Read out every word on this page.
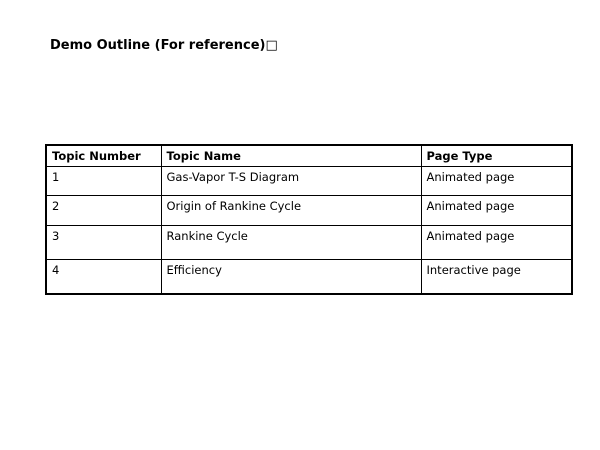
Demo Outline (For reference)□
Topic Number	Topic Name	Page Type
1	Gas-Vapor T-S Diagram	Animated page
2	Origin of Rankine Cycle	Animated page
3	Rankine Cycle	Animated page
4	Efficiency	Interactive page
